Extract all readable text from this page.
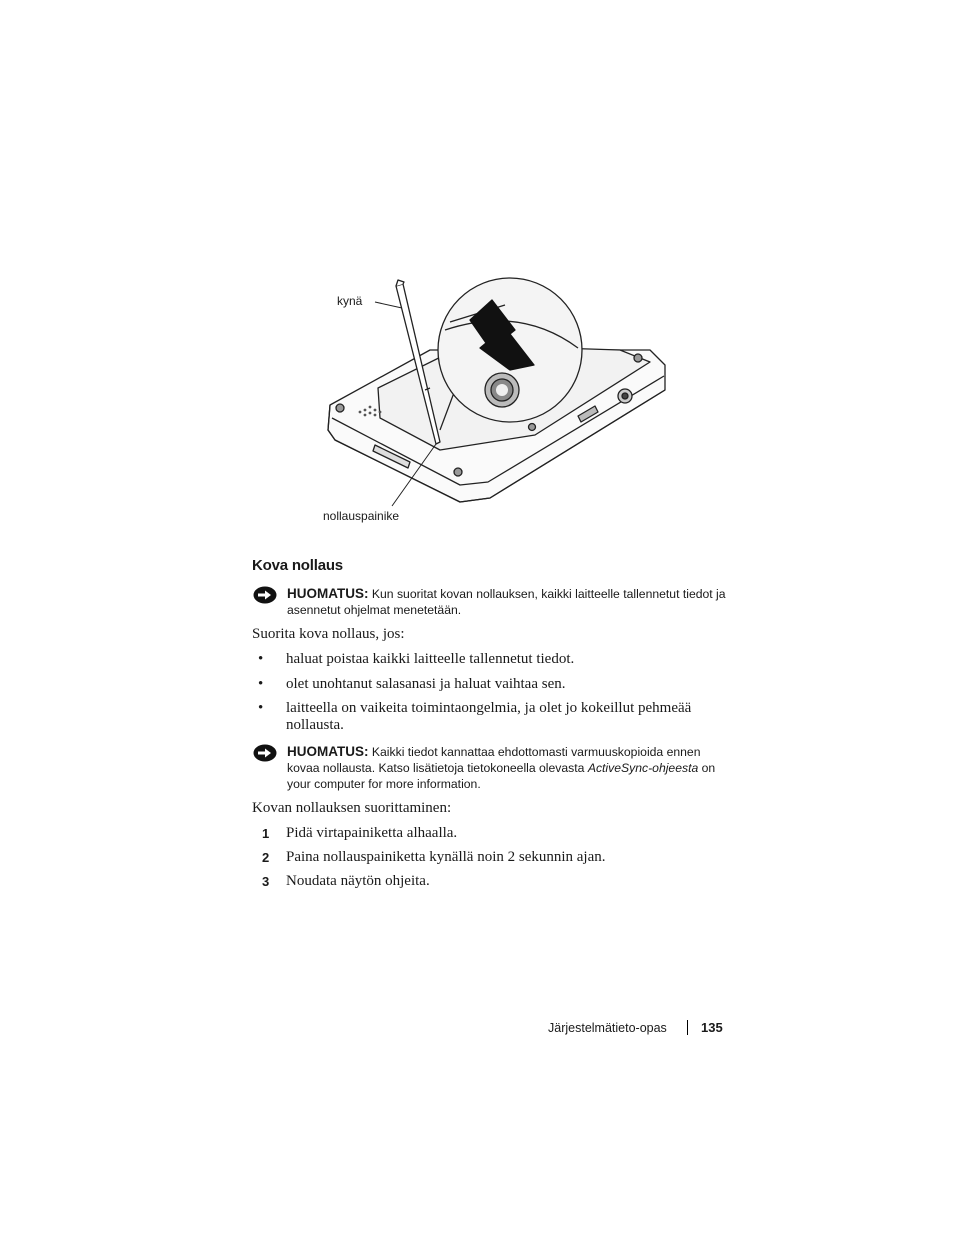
kynä
nollauspainike
Kova nollaus
HUOMATUS: Kun suoritat kovan nollauksen, kaikki laitteelle tallennetut tiedot ja asennetut ohjelmat menetetään.
Suorita kova nollaus, jos:
• haluat poistaa kaikki laitteelle tallennetut tiedot.
• olet unohtanut salasanasi ja haluat vaihtaa sen.
• laitteella on vaikeita toimintaongelmia, ja olet jo kokeillut pehmeää nollausta.
HUOMATUS: Kaikki tiedot kannattaa ehdottomasti varmuuskopioida ennen kovaa nollausta. Katso lisätietoja tietokoneella olevasta ActiveSync-ohjeesta on your computer for more information.
Kovan nollauksen suorittaminen:
1 Pidä virtapainiketta alhaalla.
2 Paina nollauspainiketta kynällä noin 2 sekunnin ajan.
3 Noudata näytön ohjeita.
Järjestelmätieto-opas	135
